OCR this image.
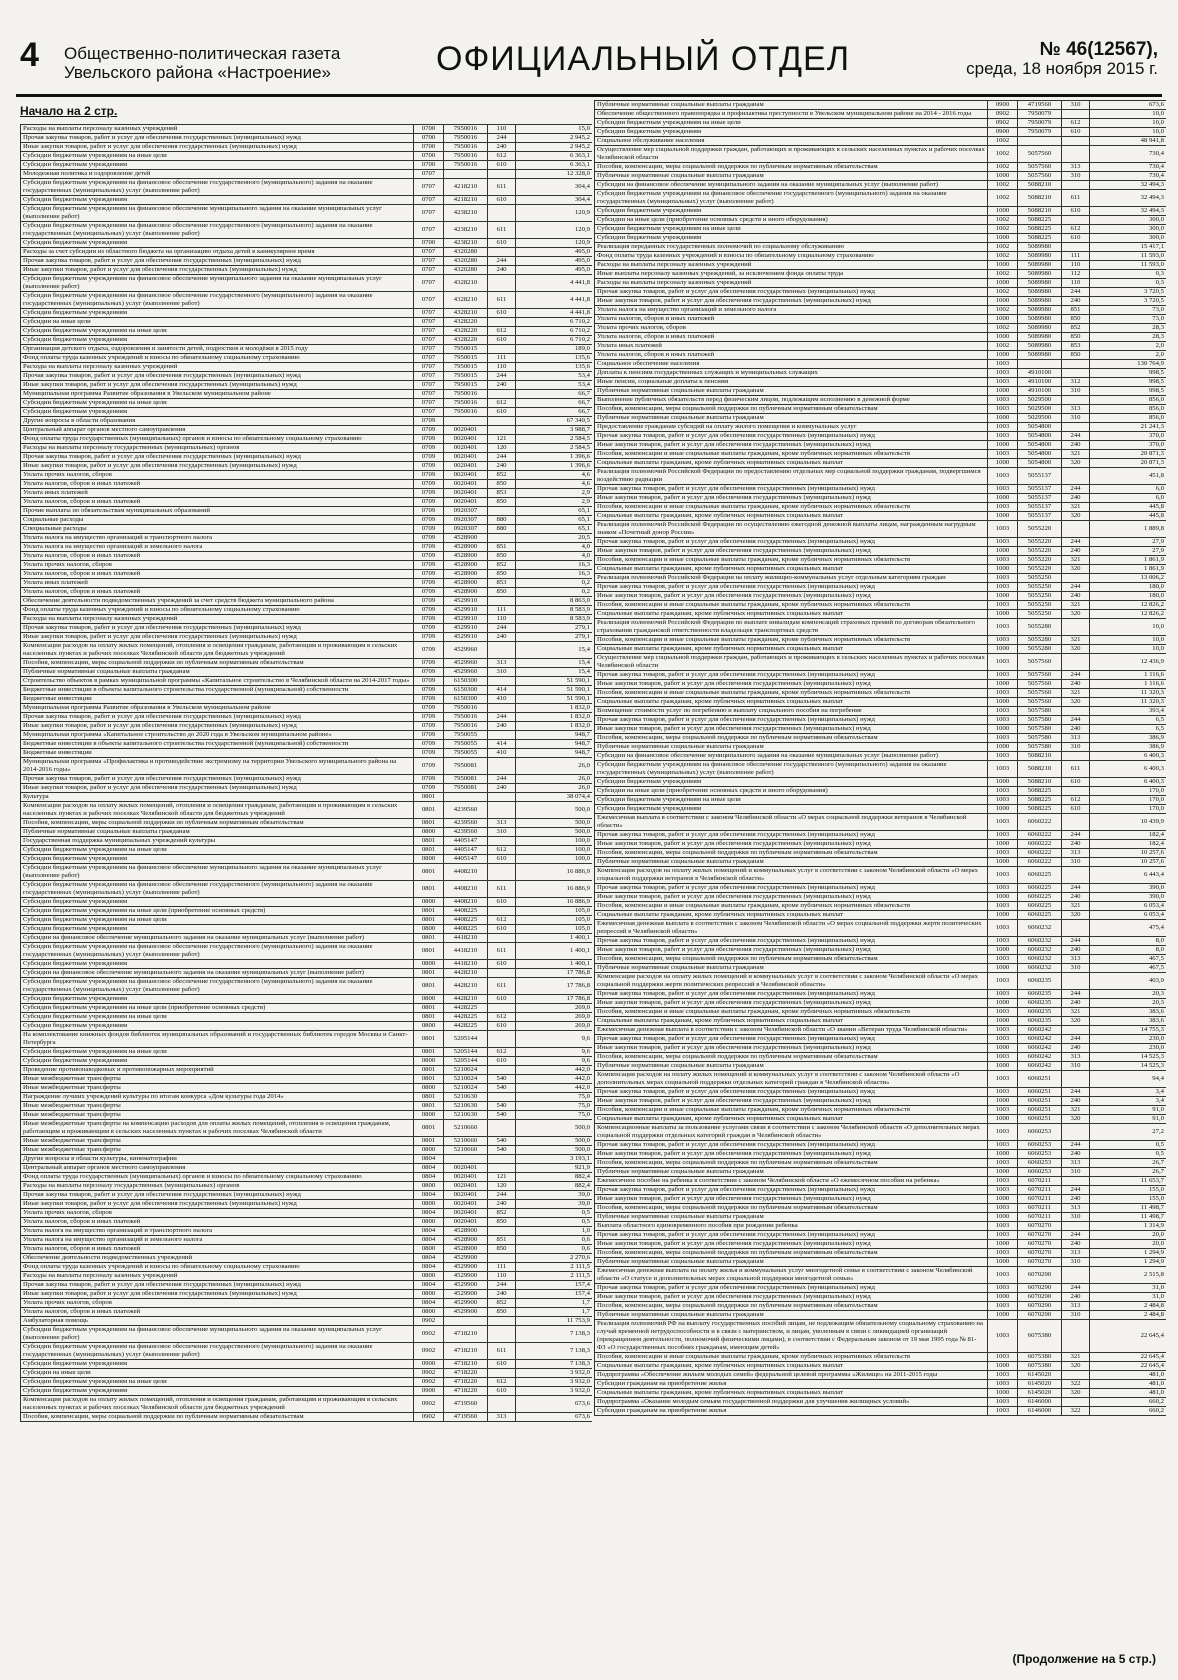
4 Общественно-политическая газета
Увельского района «Настроение»	ОФИЦИАЛЬНЫЙ ОТДЕЛ	№ 46(12567),
среда, 18 ноября 2015 г.
Начало на 2 стр.
Расходы на выплаты персоналу казенных учреждений	0700	7950016	110	15,0
Прочая закупка товаров, работ и услуг для обеспечения государственных (муниципальных) нужд	0700	7950016	244	2 945,2
Иные закупки товаров, работ и услуг для обеспечения государственных (муниципальных) нужд	0700	7950016	240	2 945,2
Субсидии бюджетным учреждениям на иные цели	0700	7950016	612	6 363,1
Субсидии бюджетным учреждениям	0700	7950016	610	6 363,1
Молодежная политика и оздоровление детей	0707			12 328,0
Субсидии бюджетным учреждениям на финансовое обеспечение государственного (муниципального) задания на оказание государственных (муниципальных) услуг (выполнение работ)	0707	4218210	611	304,4
Субсидии бюджетным учреждениям	0707	4218210	610	304,4
Субсидии бюджетным учреждениям на финансовое обеспечение муниципального задания на оказание муниципальных услуг (выполнение работ)	0707	4238210		120,9
Субсидии бюджетным учреждениям на финансовое обеспечение государственного (муниципального) задания на оказание государственных (муниципальных) услуг (выполнение работ)	0707	4238210	611	120,9
Субсидии бюджетным учреждениям	0700	4238210	610	120,9
Расходы за счет субсидии из областного бюджета на организацию отдыха детей в каникулярное время	0707	4320280		495,0
Прочая закупка товаров, работ и услуг для обеспечения государственных (муниципальных) нужд	0707	4320280	244	495,0
Иные закупки товаров, работ и услуг для обеспечения государственных (муниципальных) нужд	0707	4320280	240	495,0
Субсидии бюджетным учреждениям на финансовое обеспечение муниципального задания на оказание муниципальных услуг (выполнение работ)	0707	4328210		4 441,8
Субсидии бюджетным учреждениям на финансовое обеспечение государственного (муниципального) задания на оказание государственных (муниципальных) услуг (выполнение работ)	0707	4328210	611	4 441,8
Субсидии бюджетным учреждениям	0707	4328210	610	4 441,8
Субсидии на иные цели	0707	4328220		6 710,2
Субсидии бюджетным учреждениям на иные цели	0707	4328220	612	6 710,2
Субсидии бюджетным учреждениям	0707	4328220	610	6 710,2
Организация детского отдыха, оздоровления и занятости детей, подростков и молодёжи в 2015 году	0707	7950015		189,0
Фонд оплаты труда казенных учреждений и взносы по обязательному социальному страхованию	0707	7950015	111	135,6
Расходы на выплаты персоналу казенных учреждений	0707	7950015	110	135,6
Прочая закупка товаров, работ и услуг для обеспечения государственных (муниципальных) нужд	0707	7950015	244	53,4
Иные закупки товаров, работ и услуг для обеспечения государственных (муниципальных) нужд	0707	7950015	240	53,4
Муниципальная программа Развитие образования в Увельском муниципальном районе	0707	7950016		66,7
Субсидии бюджетным учреждениям на иные цели	0707	7950016	612	66,7
Субсидии бюджетным учреждениям	0707	7950016	610	66,7
Другие вопросы в области образования	0709			67 349,5
Центральный аппарат органов местного самоуправления	0709	0020401		3 988,7
Фонд оплаты труда государственных (муниципальных) органов и взносы по обязательному социальному страхованию	0709	0020401	121	2 584,5
Расходы на выплаты персоналу государственных (муниципальных) органов	0709	0020401	120	2 584,5
Прочая закупка товаров, работ и услуг для обеспечения государственных (муниципальных) нужд	0709	0020401	244	1 396,6
Иные закупки товаров, работ и услуг для обеспечения государственных (муниципальных) нужд	0709	0020401	240	1 396,6
Уплата прочих налогов, сборов	0709	0020401	852	4,6
Уплата налогов, сборов и иных платежей	0709	0020401	850	4,6
Уплата иных платежей	0709	0020401	853	2,9
Уплата налогов, сборов и иных платежей	0709	0020401	850	2,9
Прочие выплаты по обязательствам муниципальных образований	0709	0920307		65,1
Социальные расходы	0709	0920307	880	65,1
Специальные расходы	0709	0920307	880	65,1
Уплата налога на имущество организаций и транспортного налога	0709	4528900		20,5
Уплата налога на имущество организаций и земельного налога	0709	4528900	851	4,0
Уплата налогов, сборов и иных платежей	0709	4528900	850	4,0
Уплата прочих налогов, сборов	0709	4528900	852	16,3
Уплата налогов, сборов и иных платежей	0709	4528900	850	16,3
Уплата иных платежей	0709	4528900	853	0,2
Уплата налогов, сборов и иных платежей	0709	4528900	850	0,2
Обеспечение деятельности подведомственных учреждений за счет средств бюджета муниципального района	0709	4529910		8 863,0
Фонд оплаты труда казенных учреждений и взносы по обязательному социальному страхованию	0709	4529910	111	8 583,9
Расходы на выплаты персоналу казенных учреждений	0709	4529910	110	8 583,9
Прочая закупка товаров, работ и услуг для обеспечения государственных (муниципальных) нужд	0709	4529910	244	279,1
Иные закупки товаров, работ и услуг для обеспечения государственных (муниципальных) нужд	0709	4529910	240	279,1
Компенсация расходов на оплату жилых помещений, отопления и освещения гражданам, работающим и проживающим в сельских населенных пунктах и рабочих поселках Челябинской области для бюджетных учреждений	0709	4529960		15,4
Пособия, компенсации, меры социальной поддержки по публичным нормативным обязательствам	0709	4529960	313	15,4
Публичные нормативные социальные выплаты гражданам	0709	4529960	310	15,4
Строительство объектов в рамках муниципальной программы «Капитальное строительство в Челябинской области на 2014-2017 годы»	0709	6150300		51 590,1
Бюджетные инвестиции в объекты капитального строительства государственной (муниципальной) собственности	0709	6150300	414	51 590,1
Бюджетные инвестиции	0709	6150300	410	51 590,1
Муниципальная программа Развитие образования в Увельском муниципальном районе	0709	7950016		1 832,0
Прочая закупка товаров, работ и услуг для обеспечения государственных (муниципальных) нужд	0709	7950016	244	1 832,0
Иные закупки товаров, работ и услуг для обеспечения государственных (муниципальных) нужд	0709	7950016	240	1 832,0
Муниципальная программа «Капитальное строительство до 2020 года в Увельском муниципальном районе»	0709	7950055		948,7
Бюджетные инвестиции в объекты капитального строительства государственной (муниципальной) собственности	0709	7950055	414	948,7
Бюджетные инвестиции	0709	7950055	410	948,7
Муниципальная программа «Профилактика и противодействие экстремизму на территории Увельского муниципального района на 2014-2016 годы»	0709	7950081		26,0
Прочая закупка товаров, работ и услуг для обеспечения государственных (муниципальных) нужд	0709	7950081	244	26,0
Иные закупки товаров, работ и услуг для обеспечения государственных (муниципальных) нужд	0709	7950081	240	26,0
Культура	0801			38 074,4
Компенсация расходов на оплату жилых помещений, отопления и освещения гражданам, работающим и проживающим в сельских населенных пунктах и рабочих поселках Челябинской области для бюджетных учреждений	0801	4239560		500,0
Пособия, компенсации, меры социальной поддержки по публичным нормативным обязательствам	0801	4239560	313	500,0
Публичные нормативные социальные выплаты гражданам	0800	4239560	310	500,0
Государственная поддержка муниципальных учреждений культуры	0801	4405147		100,0
Субсидии бюджетным учреждениям на иные цели	0801	4405147	612	100,0
Субсидии бюджетным учреждениям	0800	4405147	610	100,0
Субсидии бюджетным учреждениям на финансовое обеспечение муниципального задания на оказание муниципальных услуг (выполнение работ)	0801	4408210		16 886,9
Субсидии бюджетным учреждениям на финансовое обеспечение государственного (муниципального) задания на оказание государственных (муниципальных) услуг (выполнение работ)	0801	4408210	611	16 886,9
Субсидии бюджетным учреждениям	0800	4408210	610	16 886,9
Субсидии бюджетным учреждениям на иные цели (приобретение основных средств)	0801	4408225		105,0
Субсидии бюджетным учреждениям на иные цели	0801	4408225	612	105,0
Субсидии бюджетным учреждениям	0800	4408225	610	105,0
Субсидии на финансовое обеспечение муниципального задания на оказание муниципальных услуг (выполнение работ)	0801	4418210		1 400,1
Субсидии бюджетным учреждениям на финансовое обеспечение государственного (муниципального) задания на оказание государственных (муниципальных) услуг (выполнение работ)	0801	4418210	611	1 400,1
Субсидии бюджетным учреждениям	0800	4418210	610	1 400,1
Субсидии на финансовое обеспечение муниципального задания на оказание муниципальных услуг (выполнение работ)	0801	4428210		17 786,8
Субсидии бюджетным учреждениям на финансовое обеспечение государственного (муниципального) задания на оказание государственных (муниципальных) услуг (выполнение работ)	0801	4428210	611	17 786,8
Субсидии бюджетным учреждениям	0800	4428210	610	17 786,8
Субсидии бюджетным учреждениям на иные цели (приобретение основных средств)	0801	4428225		269,0
Субсидии бюджетным учреждениям на иные цели	0801	4428225	612	269,0
Субсидии бюджетным учреждениям	0800	4428225	610	269,0
На комплектование книжных фондов библиотек муниципальных образований и государственных библиотек городов Москвы и Санкт-Петербурга	0801	5205144		9,6
Субсидии бюджетным учреждениям на иные цели	0801	5205144	612	9,6
Субсидии бюджетным учреждениям	0800	5205144	610	9,6
Проведение противопаводковых и противопожарных мероприятий	0801	5210024		442,0
Иные межбюджетные трансферты	0801	5210024	540	442,0
Иные межбюджетные трансферты	0800	5210024	540	442,0
Награждение лучших учреждений культуры по итогам конкурса «Дом культуры года 2014»	0801	5210630		75,0
Иные межбюджетные трансферты	0801	5210630	540	75,0
Иные межбюджетные трансферты	0800	5210630	540	75,0
Иные межбюджетные трансферты на компенсацию расходов для оплаты жилых помещений, отопления и освещения гражданам, работающим и проживающим в сельских населенных пунктах и рабочих поселках Челябинской области	0801	5210660		500,0
Иные межбюджетные трансферты	0801	5210660	540	500,0
Иные межбюджетные трансферты	0800	5210660	540	500,0
Другие вопросы в области культуры, кинематографии	0804			3 193,1
Центральный аппарат органов местного самоуправления	0804	0020401		921,9
Фонд оплаты труда государственных (муниципальных) органов и взносы по обязательному социальному страхованию	0804	0020401	121	882,4
Расходы на выплаты персоналу государственных (муниципальных) органов	0800	0020401	120	882,4
Прочая закупка товаров, работ и услуг для обеспечения государственных (муниципальных) нужд	0804	0020401	244	39,0
Иные закупки товаров, работ и услуг для обеспечения государственных (муниципальных) нужд	0800	0020401	240	39,0
Уплата прочих налогов, сборов	0804	0020401	852	0,5
Уплата налогов, сборов и иных платежей	0800	0020401	850	0,5
Уплата налога на имущество организаций и транспортного налога	0804	4528900		1,0
Уплата налога на имущество организаций и земельного налога	0804	4528900	851	0,6
Уплата налогов, сборов и иных платежей	0800	4528900	850	0,6
Обеспечение деятельности подведомственных учреждений	0804	4529900		2 270,6
Фонд оплаты труда казенных учреждений и взносы по обязательному социальному страхованию	0804	4529900	111	2 111,5
Расходы на выплаты персоналу казенных учреждений	0800	4529900	110	2 111,5
Прочая закупка товаров, работ и услуг для обеспечения государственных (муниципальных) нужд	0804	4529900	244	157,4
Иные закупки товаров, работ и услуг для обеспечения государственных (муниципальных) нужд	0800	4529900	240	157,4
Уплата прочих налогов, сборов	0804	4529900	852	1,7
Уплата налогов, сборов и иных платежей	0800	4529900	850	1,7
Амбулаторная помощь	0902			11 753,9
Субсидии бюджетным учреждениям на финансовое обеспечение муниципального задания на оказание муниципальных услуг (выполнение работ)	0902	4718210		7 138,3
Субсидии бюджетным учреждениям на финансовое обеспечение государственного (муниципального) задания на оказание государственных (муниципальных) услуг (выполнение работ)	0902	4718210	611	7 138,3
Субсидии бюджетным учреждениям	0900	4718210	610	7 138,3
Субсидии на иные цели	0902	4718220		3 932,0
Субсидии бюджетным учреждениям на иные цели	0902	4718220	612	3 932,0
Субсидии бюджетным учреждениям	0900	4718220	610	3 932,0
Компенсация расходов на оплату жилых помещений, отопления и освещения гражданам, работающим и проживающим в сельских населенных пунктах и рабочих поселках Челябинской области для бюджетных учреждений	0902	4719560		673,6
Пособия, компенсации, меры социальной поддержки по публичным нормативным обязательствам	0902	4719560	313	673,6
Публичные нормативные социальные выплаты гражданам	0900	4719560	310	673,6
Обеспечение общественного правопорядка и профилактика преступности в Увельском муниципальном районе на 2014 - 2016 годы	0902	7950079		10,0
Субсидии бюджетным учреждениям на иные цели	0902	7950079	612	10,0
Субсидии бюджетным учреждениям	0900	7950079	610	10,0
Социальное обслуживание населения	1002			48 941,8
Осуществление мер социальной поддержки граждан, работающих и проживающих в сельских населенных пунктах и рабочих поселках Челябинской области	1002	5057560		730,4
Пособия, компенсации, меры социальной поддержки по публичным нормативным обязательствам	1002	5057560	313	730,4
Публичные нормативные социальные выплаты гражданам	1000	5057560	310	730,4
Субсидии на финансовое обеспечение муниципального задания на оказание муниципальных услуг (выполнение работ)	1002	5088210		32 494,3
Субсидии бюджетным учреждениям на финансовое обеспечение государственного (муниципального) задания на оказание государственных (муниципальных) услуг (выполнение работ)	1002	5088210	611	32 494,3
Субсидии бюджетным учреждениям	1000	5088210	610	32 494,3
Субсидии на иные цели (приобретение основных средств и иного оборудования)	1002	5088225		300,0
Субсидии бюджетным учреждениям на иные цели	1002	5088225	612	300,0
Субсидии бюджетным учреждениям	1000	5088225	610	300,0
Реализация переданных государственных полномочий по социальному обслуживанию	1002	5089980		15 417,1
Фонд оплаты труда казенных учреждений и взносы по обязательному социальному страхованию	1002	5089980	111	11 593,0
Расходы на выплаты персоналу казенных учреждений	1000	5089980	110	11 593,0
Иные выплаты персоналу казенных учреждений, за исключением фонда оплаты труда	1002	5089980	112	0,3
Расходы на выплаты персоналу казенных учреждений	1000	5089980	110	0,3
Прочая закупка товаров, работ и услуг для обеспечения государственных (муниципальных) нужд	1002	5089980	244	3 720,5
Иные закупки товаров, работ и услуг для обеспечения государственных (муниципальных) нужд	1000	5089980	240	3 720,5
Уплата налога на имущество организаций и земельного налога	1002	5089980	851	73,0
Уплата налогов, сборов и иных платежей	1000	5089980	850	73,0
Уплата прочих налогов, сборов	1002	5089980	852	28,3
Уплата налогов, сборов и иных платежей	1000	5089980	850	28,3
Уплата иных платежей	1002	5089980	853	2,0
Уплата налогов, сборов и иных платежей	1000	5089980	850	2,0
Социальное обеспечение населения	1003			130 764,9
Доплаты к пенсиям государственных служащих и муниципальных служащих	1003	4910100		998,5
Иные пенсии, социальные доплаты к пенсиям	1003	4910100	312	998,5
Публичные нормативные социальные выплаты гражданам	1000	4910100	310	998,5
Выполнение публичных обязательств перед физическим лицом, подлежащим исполнению в денежной форме	1003	5029500		856,0
Пособия, компенсации, меры социальной поддержки по публичным нормативным обязательствам	1003	5029500	313	856,0
Публичные нормативные социальные выплаты гражданам	1000	5029500	310	856,0
Предоставление гражданам субсидий на оплату жилого помещения и коммунальных услуг	1003	5054800		21 241,3
Прочая закупка товаров, работ и услуг для обеспечения государственных (муниципальных) нужд	1003	5054800	244	370,0
Иные закупки товаров, работ и услуг для обеспечения государственных (муниципальных) нужд	1000	5054800	240	370,0
Пособия, компенсации и иные социальные выплаты гражданам, кроме публичных нормативных обязательств	1003	5054800	321	20 871,3
Социальные выплаты гражданам, кроме публичных нормативных социальных выплат	1000	5054800	320	20 871,3
Реализация полномочий Российской Федерации по предоставлению отдельных мер социальной поддержки гражданам, подвергшимся воздействию радиации	1003	5055137		451,8
Прочая закупка товаров, работ и услуг для обеспечения государственных (муниципальных) нужд	1003	5055137	244	6,0
Иные закупки товаров, работ и услуг для обеспечения государственных (муниципальных) нужд	1000	5055137	240	6,0
Пособия, компенсации и иные социальные выплаты гражданам, кроме публичных нормативных обязательств	1003	5055137	321	445,8
Социальные выплаты гражданам, кроме публичных нормативных социальных выплат	1000	5055137	320	445,8
Реализация полномочий Российской Федерации по осуществлению ежегодной денежной выплаты лицам, награжденным нагрудным знаком «Почетный донор России»	1003	5055220		1 889,8
Прочая закупка товаров, работ и услуг для обеспечения государственных (муниципальных) нужд	1003	5055220	244	27,9
Иные закупки товаров, работ и услуг для обеспечения государственных (муниципальных) нужд	1000	5055220	240	27,9
Пособия, компенсации и иные социальные выплаты гражданам, кроме публичных нормативных обязательств	1003	5055220	321	1 861,9
Социальные выплаты гражданам, кроме публичных нормативных социальных выплат	1000	5055220	320	1 861,9
Реализация полномочий Российской Федерации на оплату жилищно-коммунальных услуг отдельным категориям граждан	1003	5055250		13 006,2
Прочая закупка товаров, работ и услуг для обеспечения государственных (муниципальных) нужд	1003	5055250	244	180,0
Иные закупки товаров, работ и услуг для обеспечения государственных (муниципальных) нужд	1000	5055250	240	180,0
Пособия, компенсации и иные социальные выплаты гражданам, кроме публичных нормативных обязательств	1003	5055250	321	12 826,2
Социальные выплаты гражданам, кроме публичных нормативных социальных выплат	1000	5055250	320	12 826,2
Реализация полномочий Российской Федерации по выплате инвалидам компенсаций страховых премий по договорам обязательного страхования гражданской ответственности владельцев транспортных средств	1003	5055280		10,0
Пособия, компенсации и иные социальные выплаты гражданам, кроме публичных нормативных обязательств	1003	5055280	321	10,0
Социальные выплаты гражданам, кроме публичных нормативных социальных выплат	1000	5055280	320	10,0
Осуществление мер социальной поддержки граждан, работающих и проживающих в сельских населенных пунктах и рабочих поселках Челябинской области	1003	5057560		12 436,9
Прочая закупка товаров, работ и услуг для обеспечения государственных (муниципальных) нужд	1003	5057560	244	1 116,6
Иные закупки товаров, работ и услуг для обеспечения государственных (муниципальных) нужд	1000	5057560	240	1 116,6
Пособия, компенсации и иные социальные выплаты гражданам, кроме публичных нормативных обязательств	1003	5057560	321	11 320,3
Социальные выплаты гражданам, кроме публичных нормативных социальных выплат	1000	5057560	320	11 320,3
Возмещение стоимости услуг по погребению и выплату социального пособия на погребение	1003	5057580		393,4
Прочая закупка товаров, работ и услуг для обеспечения государственных (муниципальных) нужд	1003	5057580	244	6,5
Иные закупки товаров, работ и услуг для обеспечения государственных (муниципальных) нужд	1000	5057580	240	6,5
Пособия, компенсации, меры социальной поддержки по публичным нормативным обязательствам	1003	5057580	313	386,9
Публичные нормативные социальные выплаты гражданам	1000	5057580	310	386,9
Субсидии на финансовое обеспечение муниципального задания на оказание муниципальных услуг (выполнение работ)	1003	5088210		6 400,3
Субсидии бюджетным учреждениям на финансовое обеспечение государственного (муниципального) задания на оказание государственных (муниципальных) услуг (выполнение работ)	1003	5088210	611	6 400,3
Субсидии бюджетным учреждениям	1000	5088210	610	6 400,3
Субсидии на иные цели (приобретение основных средств и иного оборудования)	1003	5088225		170,0
Субсидии бюджетным учреждениям на иные цели	1003	5088225	612	170,0
Субсидии бюджетным учреждениям	1000	5088225	610	170,0
Ежемесячная выплата в соответствии с законом Челябинской области «О мерах социальной поддержки ветеранов в Челябинской области»	1003	6060222		10 439,9
Прочая закупка товаров, работ и услуг для обеспечения государственных (муниципальных) нужд	1003	6060222	244	182,4
Иные закупки товаров, работ и услуг для обеспечения государственных (муниципальных) нужд	1000	6060222	240	182,4
Пособия, компенсации, меры социальной поддержки по публичным нормативным обязательствам	1003	6060222	313	10 257,6
Публичные нормативные социальные выплаты гражданам	1000	6060222	310	10 257,6
Компенсация расходов на оплату жилых помещений и коммунальных услуг в соответствии с законом Челябинской области «О мерах социальной поддержки ветеранов в Челябинской области»	1003	6060225		6 443,4
Прочая закупка товаров, работ и услуг для обеспечения государственных (муниципальных) нужд	1003	6060225	244	390,0
Иные закупки товаров, работ и услуг для обеспечения государственных (муниципальных) нужд	1000	6060225	240	390,0
Пособия, компенсации и иные социальные выплаты гражданам, кроме публичных нормативных обязательств	1003	6060225	321	6 053,4
Социальные выплаты гражданам, кроме публичных нормативных социальных выплат	1000	6060225	320	6 053,4
Ежемесячная денежная выплата в соответствии с законом Челябинской области «О мерах социальной поддержки жертв политических репрессий в Челябинской области»	1003	6060232		475,4
Прочая закупка товаров, работ и услуг для обеспечения государственных (муниципальных) нужд	1003	6060232	244	8,0
Иные закупки товаров, работ и услуг для обеспечения государственных (муниципальных) нужд	1000	6060232	240	8,0
Пособия, компенсации, меры социальной поддержки по публичным нормативным обязательствам	1003	6060232	313	467,5
Публичные нормативные социальные выплаты гражданам	1000	6060232	310	467,5
Компенсация расходов на оплату жилых помещений и коммунальных услуг в соответствии с законом Челябинской области «О мерах социальной поддержки жертв политических репрессий в Челябинской области»	1003	6060235		403,9
Прочая закупка товаров, работ и услуг для обеспечения государственных (муниципальных) нужд	1003	6060235	244	20,3
Иные закупки товаров, работ и услуг для обеспечения государственных (муниципальных) нужд	1000	6060235	240	20,3
Пособия, компенсации и иные социальные выплаты гражданам, кроме публичных нормативных обязательств	1003	6060235	321	383,6
Социальные выплаты гражданам, кроме публичных нормативных социальных выплат	1000	6060235	320	383,6
Ежемесячная денежная выплата в соответствии с законом Челябинской области «О звании «Ветеран труда Челябинской области»	1003	6060242		14 755,3
Прочая закупка товаров, работ и услуг для обеспечения государственных (муниципальных) нужд	1003	6060242	244	230,0
Иные закупки товаров, работ и услуг для обеспечения государственных (муниципальных) нужд	1000	6060242	240	230,0
Пособия, компенсации, меры социальной поддержки по публичным нормативным обязательствам	1003	6060242	313	14 525,3
Публичные нормативные социальные выплаты гражданам	1000	6060242	310	14 525,3
Компенсация расходов на оплату жилых помещений и коммунальных услуг в соответствии с законом Челябинской области «О дополнительных мерах социальной поддержки отдельных категорий граждан в Челябинской области»	1003	6060251		94,4
Прочая закупка товаров, работ и услуг для обеспечения государственных (муниципальных) нужд	1003	6060251	244	3,4
Иные закупки товаров, работ и услуг для обеспечения государственных (муниципальных) нужд	1000	6060251	240	3,4
Пособия, компенсации и иные социальные выплаты гражданам, кроме публичных нормативных обязательств	1003	6060251	321	91,0
Социальные выплаты гражданам, кроме публичных нормативных социальных выплат	1000	6060251	320	91,0
Компенсационные выплаты за пользование услугами связи в соответствии с законом Челябинской области «О дополнительных мерах социальной поддержки отдельных категорий граждан в Челябинской области»	1003	6060253		27,2
Прочая закупка товаров, работ и услуг для обеспечения государственных (муниципальных) нужд	1003	6060253	244	0,5
Иные закупки товаров, работ и услуг для обеспечения государственных (муниципальных) нужд	1000	6060253	240	0,5
Пособия, компенсации, меры социальной поддержки по публичным нормативным обязательствам	1003	6060253	313	26,7
Публичные нормативные социальные выплаты гражданам	1000	6060253	310	26,7
Ежемесячное пособие на ребенка в соответствии с законом Челябинской области «О ежемесячном пособии на ребенка»	1003	6070211		11 653,7
Прочая закупка товаров, работ и услуг для обеспечения государственных (муниципальных) нужд	1003	6070211	244	155,0
Иные закупки товаров, работ и услуг для обеспечения государственных (муниципальных) нужд	1000	6070211	240	155,0
Пособия, компенсации, меры социальной поддержки по публичным нормативным обязательствам	1003	6070211	313	11 498,7
Публичные нормативные социальные выплаты гражданам	1000	6070211	310	11 498,7
Выплата областного единовременного пособия при рождении ребенка	1003	6070270		1 314,9
Прочая закупка товаров, работ и услуг для обеспечения государственных (муниципальных) нужд	1003	6070270	244	20,0
Иные закупки товаров, работ и услуг для обеспечения государственных (муниципальных) нужд	1000	6070270	240	20,0
Пособия, компенсации, меры социальной поддержки по публичным нормативным обязательствам	1003	6070270	313	1 294,9
Публичные нормативные социальные выплаты гражданам	1000	6070270	310	1 294,9
Ежемесячная денежная выплата на оплату жилья и коммунальных услуг многодетной семье в соответствии с законом Челябинской области «О статусе и дополнительных мерах социальной поддержки многодетной семьи»	1003	6070290		2 515,8
Прочая закупка товаров, работ и услуг для обеспечения государственных (муниципальных) нужд	1003	6070290	244	31,0
Иные закупки товаров, работ и услуг для обеспечения государственных (муниципальных) нужд	1000	6070290	240	31,0
Пособия, компенсации, меры социальной поддержки по публичным нормативным обязательствам	1003	6070290	313	2 484,8
Публичные нормативные социальные выплаты гражданам	1000	6070290	310	2 484,8
Реализация полномочий РФ на выплату государственных пособий лицам, не подлежащим обязательному социальному страхованию на случай временной нетрудоспособности и в связи с материнством, и лицам, уволенным в связи с ликвидацией организаций (прекращением деятельности, полномочий физическими лицами), в соответствии с Федеральным законом от 19 мая 1995 года № 81-ФЗ «О государственных пособиях гражданам, имеющим детей»	1003	6075380		22 645,4
Пособия, компенсации и иные социальные выплаты гражданам, кроме публичных нормативных обязательств	1003	6075380	321	22 645,4
Социальные выплаты гражданам, кроме публичных нормативных социальных выплат	1000	6075380	320	22 645,4
Подпрограмма «Обеспечение жильем молодых семей» федеральной целевой программы «Жилище» на 2011-2015 годы	1003	6145020		481,0
Субсидии гражданам на приобретение жилья	1003	6145020	322	481,0
Социальные выплаты гражданам, кроме публичных нормативных социальных выплат	1000	6145020	320	481,0
Подпрограмма «Оказание молодым семьям государственной поддержки для улучшения жилищных условий»	1003	6146000		660,2
Субсидии гражданам на приобретение жилья	1003	6146000	322	660,2
(Продолжение на 5 стр.)
